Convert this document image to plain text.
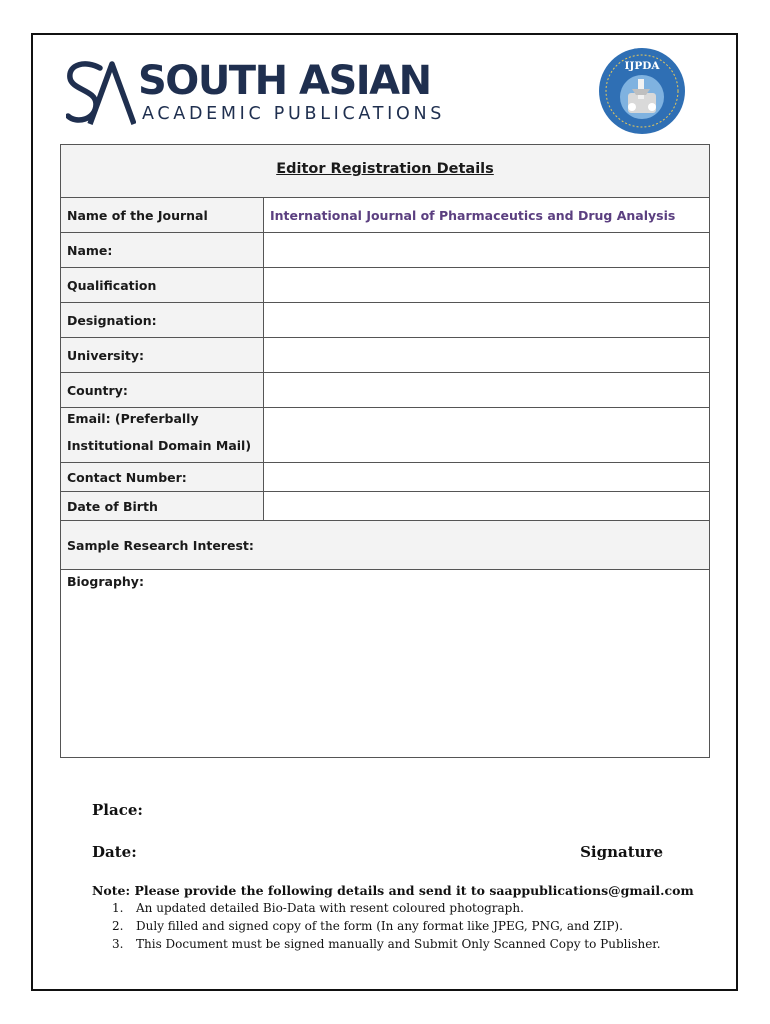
SOUTH ASIAN
ACADEMIC PUBLICATIONS
IJPDA
Editor Registration Details
Name of the Journal	International Journal of Pharmaceutics and Drug Analysis
Name:
Qualification
Designation:
University:
Country:
Email: (Preferbally
Institutional Domain Mail)
Contact Number:
Date of Birth
Sample Research Interest:
Biography:
Place:
Date:	Signature
Note: Please provide the following details and send it to saappublications@gmail.com
1. An updated detailed Bio-Data with resent coloured photograph.
2. Duly filled and signed copy of the form (In any format like JPEG, PNG, and ZIP).
3. This Document must be signed manually and Submit Only Scanned Copy to Publisher.
